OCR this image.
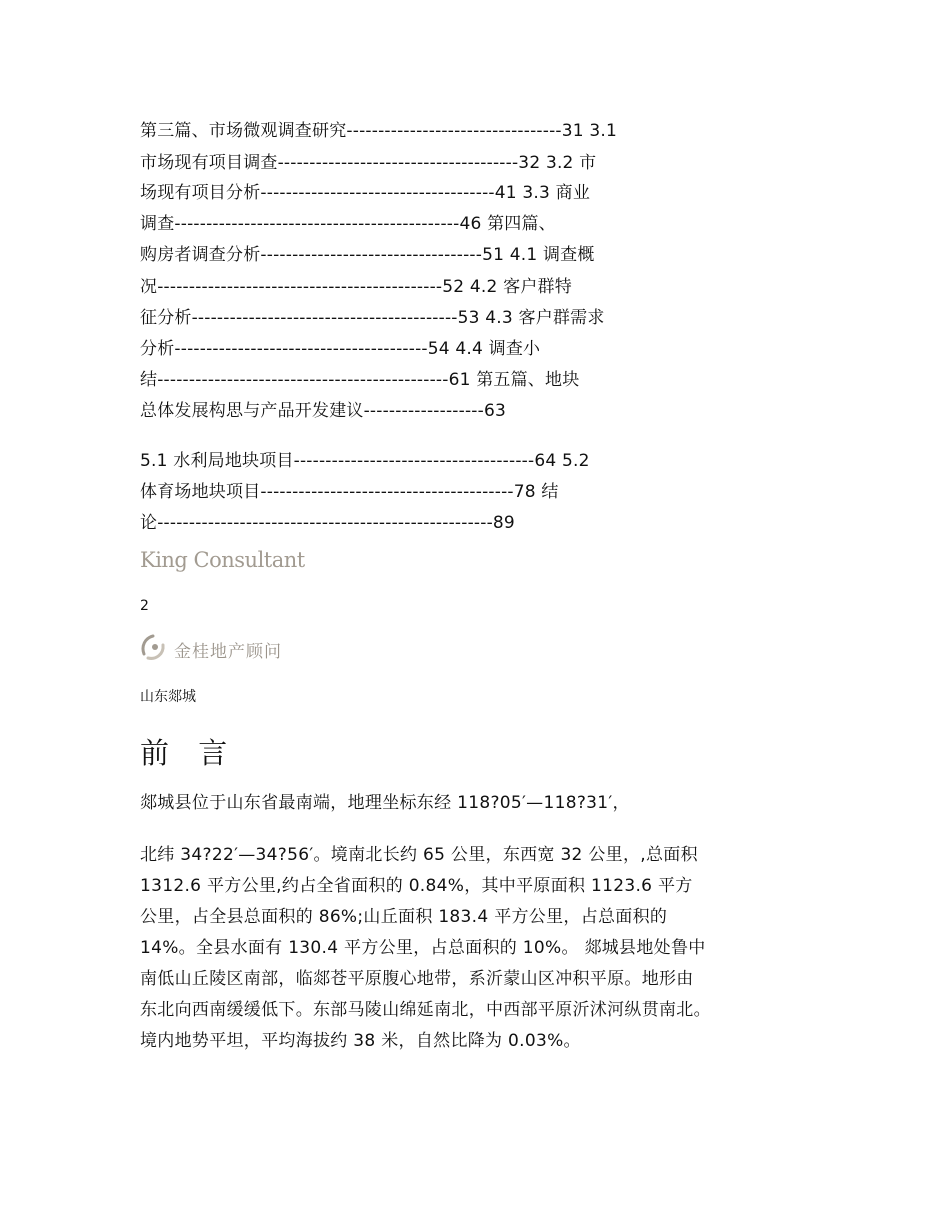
第三篇、市场微观调查研究----------------------------------31 3.1
市场现有项目调查--------------------------------------32 3.2 市
场现有项目分析-------------------------------------41 3.3 商业
调查---------------------------------------------46 第四篇、
购房者调查分析-----------------------------------51 4.1 调查概
况---------------------------------------------52 4.2 客户群特
征分析------------------------------------------53 4.3 客户群需求
分析----------------------------------------54 4.4 调查小
结----------------------------------------------61 第五篇、地块
总体发展构思与产品开发建议-------------------63
5.1 水利局地块项目--------------------------------------64 5.2
体育场地块项目----------------------------------------78 结
论-----------------------------------------------------89
King Consultant
2
金桂地产顾问
山东郯城
前 言
郯城县位于山东省最南端，地理坐标东经 118?05′—118?31′，
北纬 34?22′—34?56′。境南北长约 65 公里，东西宽 32 公里，,总面积
1312.6 平方公里,约占全省面积的 0.84%，其中平原面积 1123.6 平方
公里，占全县总面积的 86%;山丘面积 183.4 平方公里，占总面积的
14%。全县水面有 130.4 平方公里，占总面积的 10%。 郯城县地处鲁中
南低山丘陵区南部，临郯苍平原腹心地带，系沂蒙山区冲积平原。地形由
东北向西南缓缓低下。东部马陵山绵延南北，中西部平原沂沭河纵贯南北。
境内地势平坦，平均海拔约 38 米，自然比降为 0.03%。
